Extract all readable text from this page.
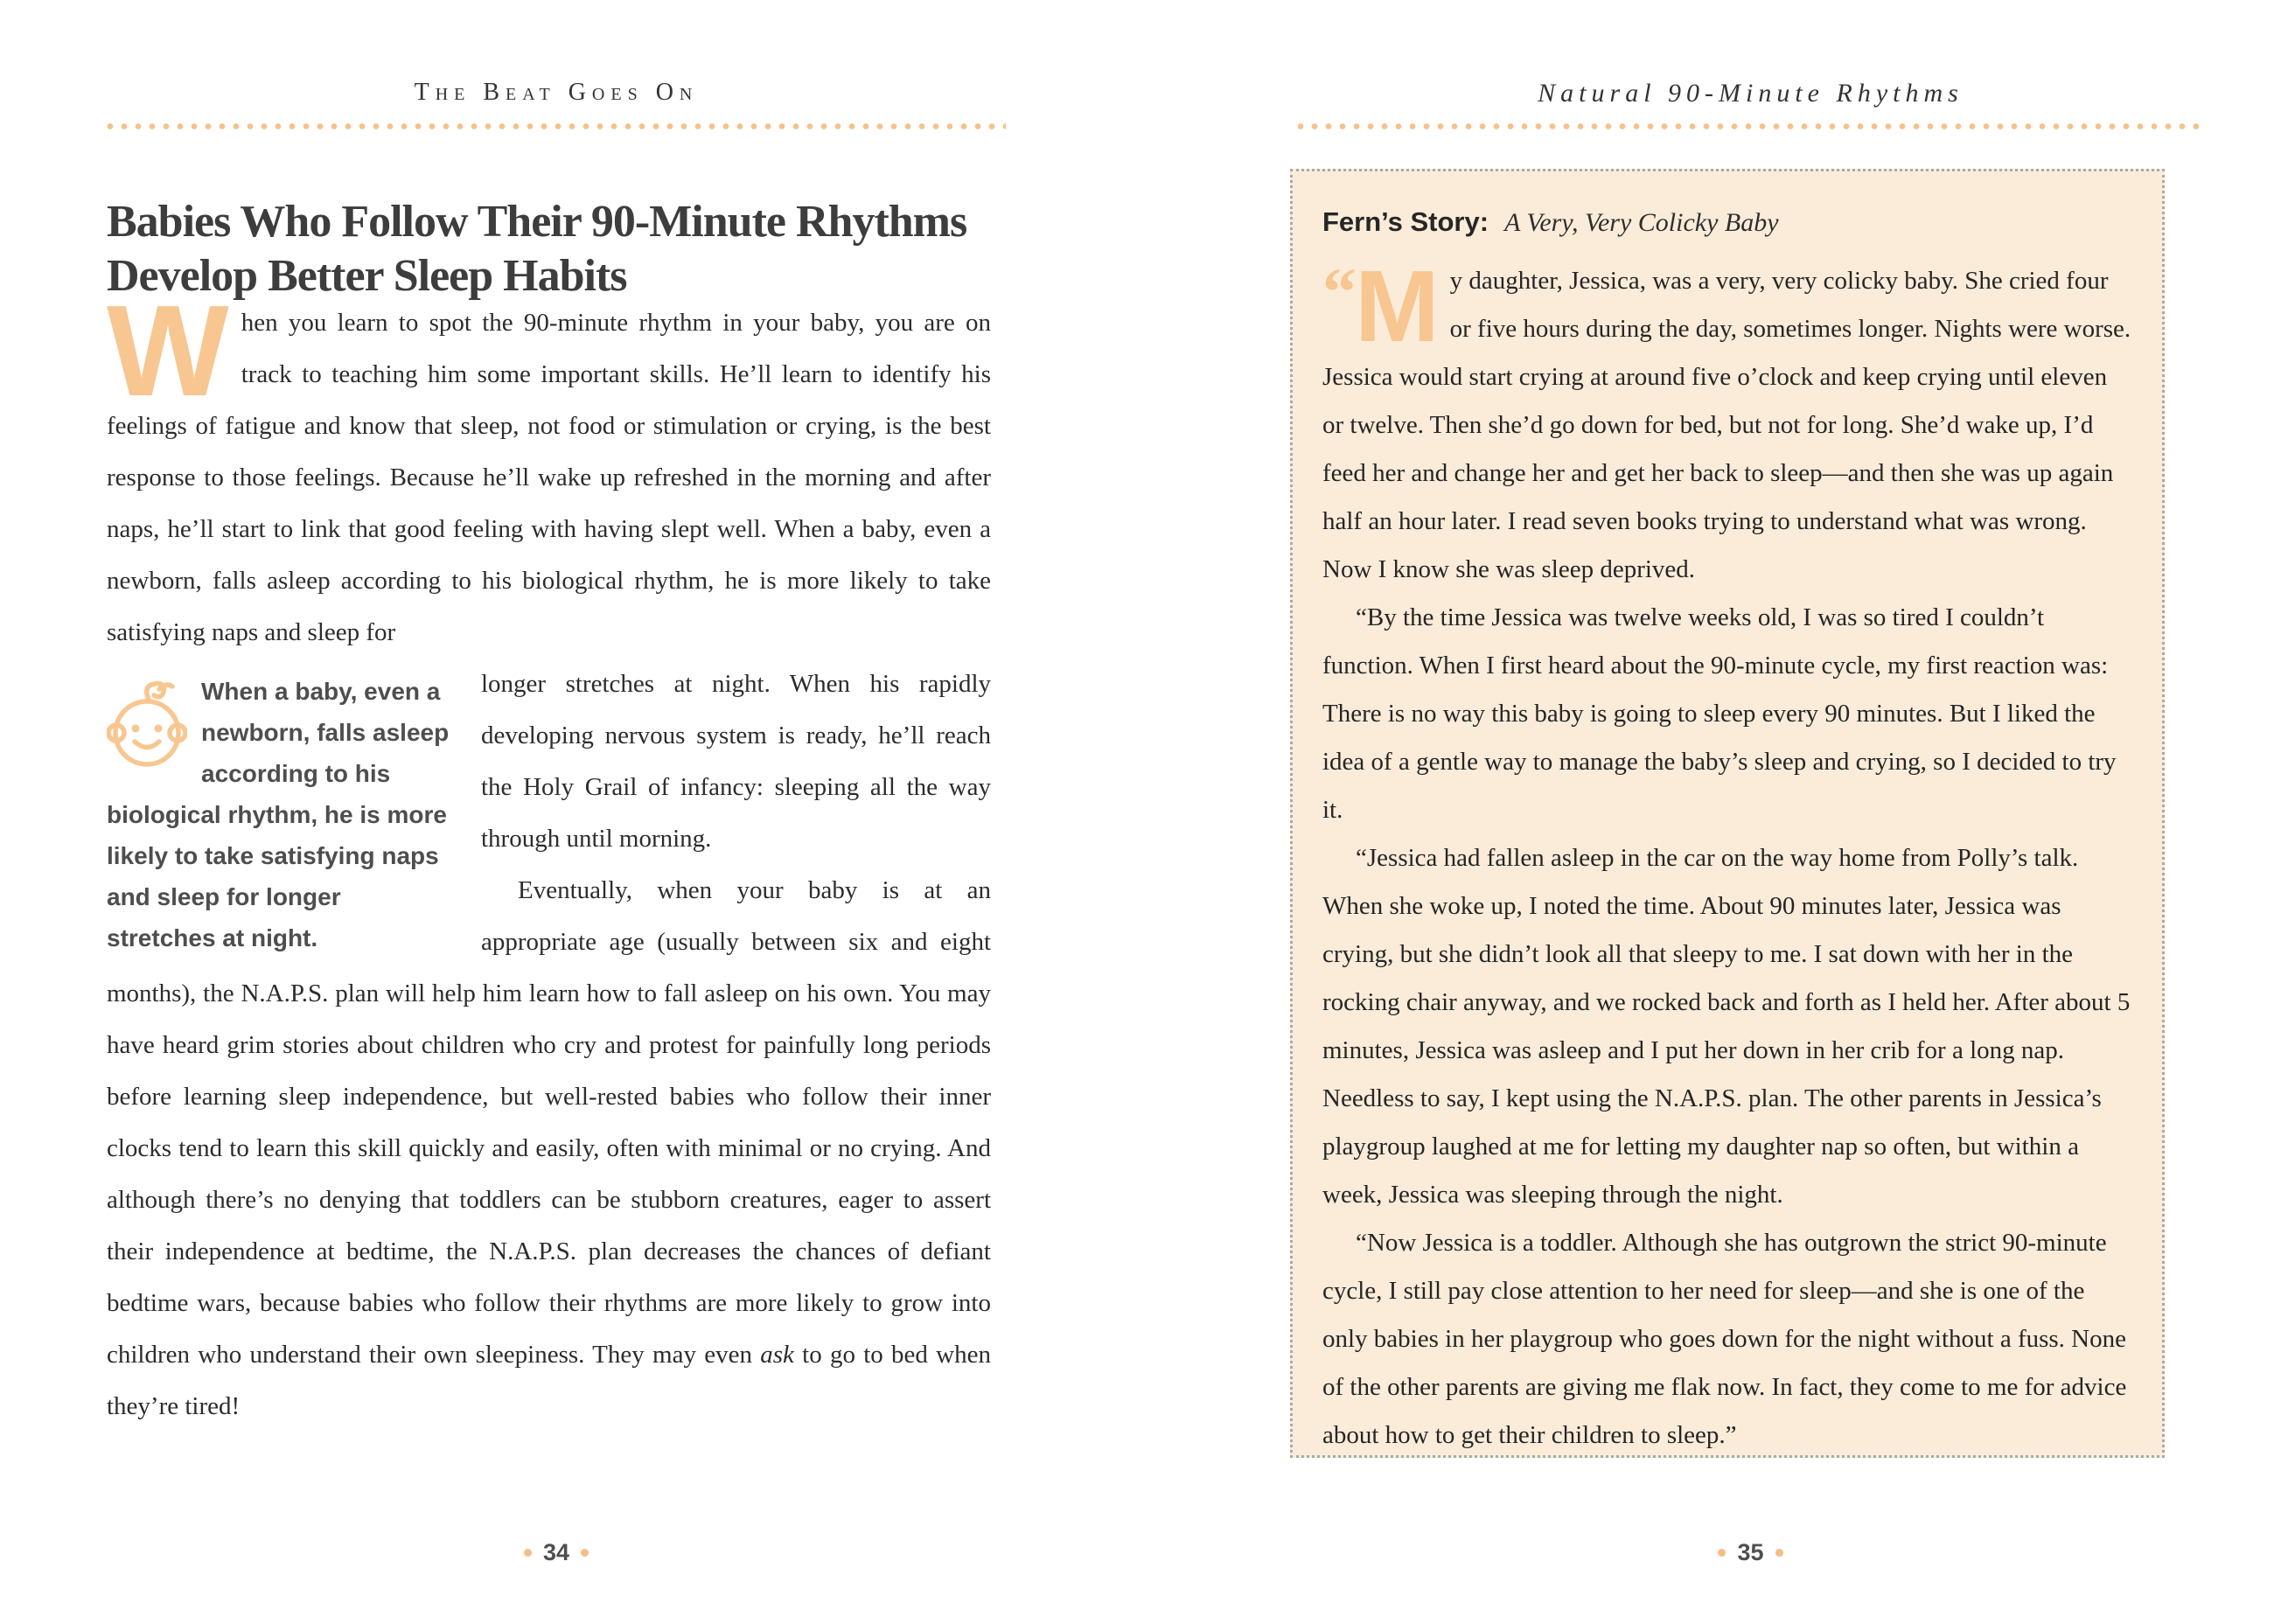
The Beat Goes On
Babies Who Follow Their 90-Minute Rhythms
Develop Better Sleep Habits

When you learn to spot the 90-minute rhythm in your baby, you are on track to teaching him some important skills. He’ll learn to identify his feelings of fatigue and know that sleep, not food or stimulation or crying, is the best response to those feelings. Because he’ll wake up refreshed in the morning and after naps, he’ll start to link that good feeling with having slept well. When a baby, even a newborn, falls asleep according to his biological rhythm, he is more likely to take satisfying naps and sleep for

When a baby, even a newborn, falls asleep according to his biological rhythm, he is more likely to take satisfying naps and sleep for longer stretches at night.
longer stretches at night. When his rapidly developing nervous system is ready, he’ll reach the Holy Grail of infancy: sleeping all the way through until morning.

Eventually, when your baby is at an appropriate age (usually between six and eight months), the N.A.P.S. plan will help him learn how to fall asleep on his own. You may have heard grim stories about children who cry and protest for painfully long periods before learning sleep independence, but well-rested babies who follow their inner clocks tend to learn this skill quickly and easily, often with minimal or no crying. And although there’s no denying that toddlers can be stubborn creatures, eager to assert their independence at bedtime, the N.A.P.S. plan decreases the chances of defiant bedtime wars, because babies who follow their rhythms are more likely to grow into children who understand their own sleepiness. They may even ask to go to bed when they’re tired!

34
Natural 90-Minute Rhythms
Fern’s Story: A Very, Very Colicky Baby

“M y daughter, Jessica, was a very, very colicky baby. She cried four or five hours during the day, sometimes longer. Nights were worse. Jessica would start crying at around five o’clock and keep crying until eleven or twelve. Then she’d go down for bed, but not for long. She’d wake up, I’d feed her and change her and get her back to sleep—and then she was up again half an hour later. I read seven books trying to understand what was wrong. Now I know she was sleep deprived.

“By the time Jessica was twelve weeks old, I was so tired I couldn’t function. When I first heard about the 90-minute cycle, my first reaction was: There is no way this baby is going to sleep every 90 minutes. But I liked the idea of a gentle way to manage the baby’s sleep and crying, so I decided to try it.

“Jessica had fallen asleep in the car on the way home from Polly’s talk. When she woke up, I noted the time. About 90 minutes later, Jessica was crying, but she didn’t look all that sleepy to me. I sat down with her in the rocking chair anyway, and we rocked back and forth as I held her. After about 5 minutes, Jessica was asleep and I put her down in her crib for a long nap. Needless to say, I kept using the N.A.P.S. plan. The other parents in Jessica’s playgroup laughed at me for letting my daughter nap so often, but within a week, Jessica was sleeping through the night.

“Now Jessica is a toddler. Although she has outgrown the strict 90-minute cycle, I still pay close attention to her need for sleep—and she is one of the only babies in her playgroup who goes down for the night without a fuss. None of the other parents are giving me flak now. In fact, they come to me for advice about how to get their children to sleep.”

35
